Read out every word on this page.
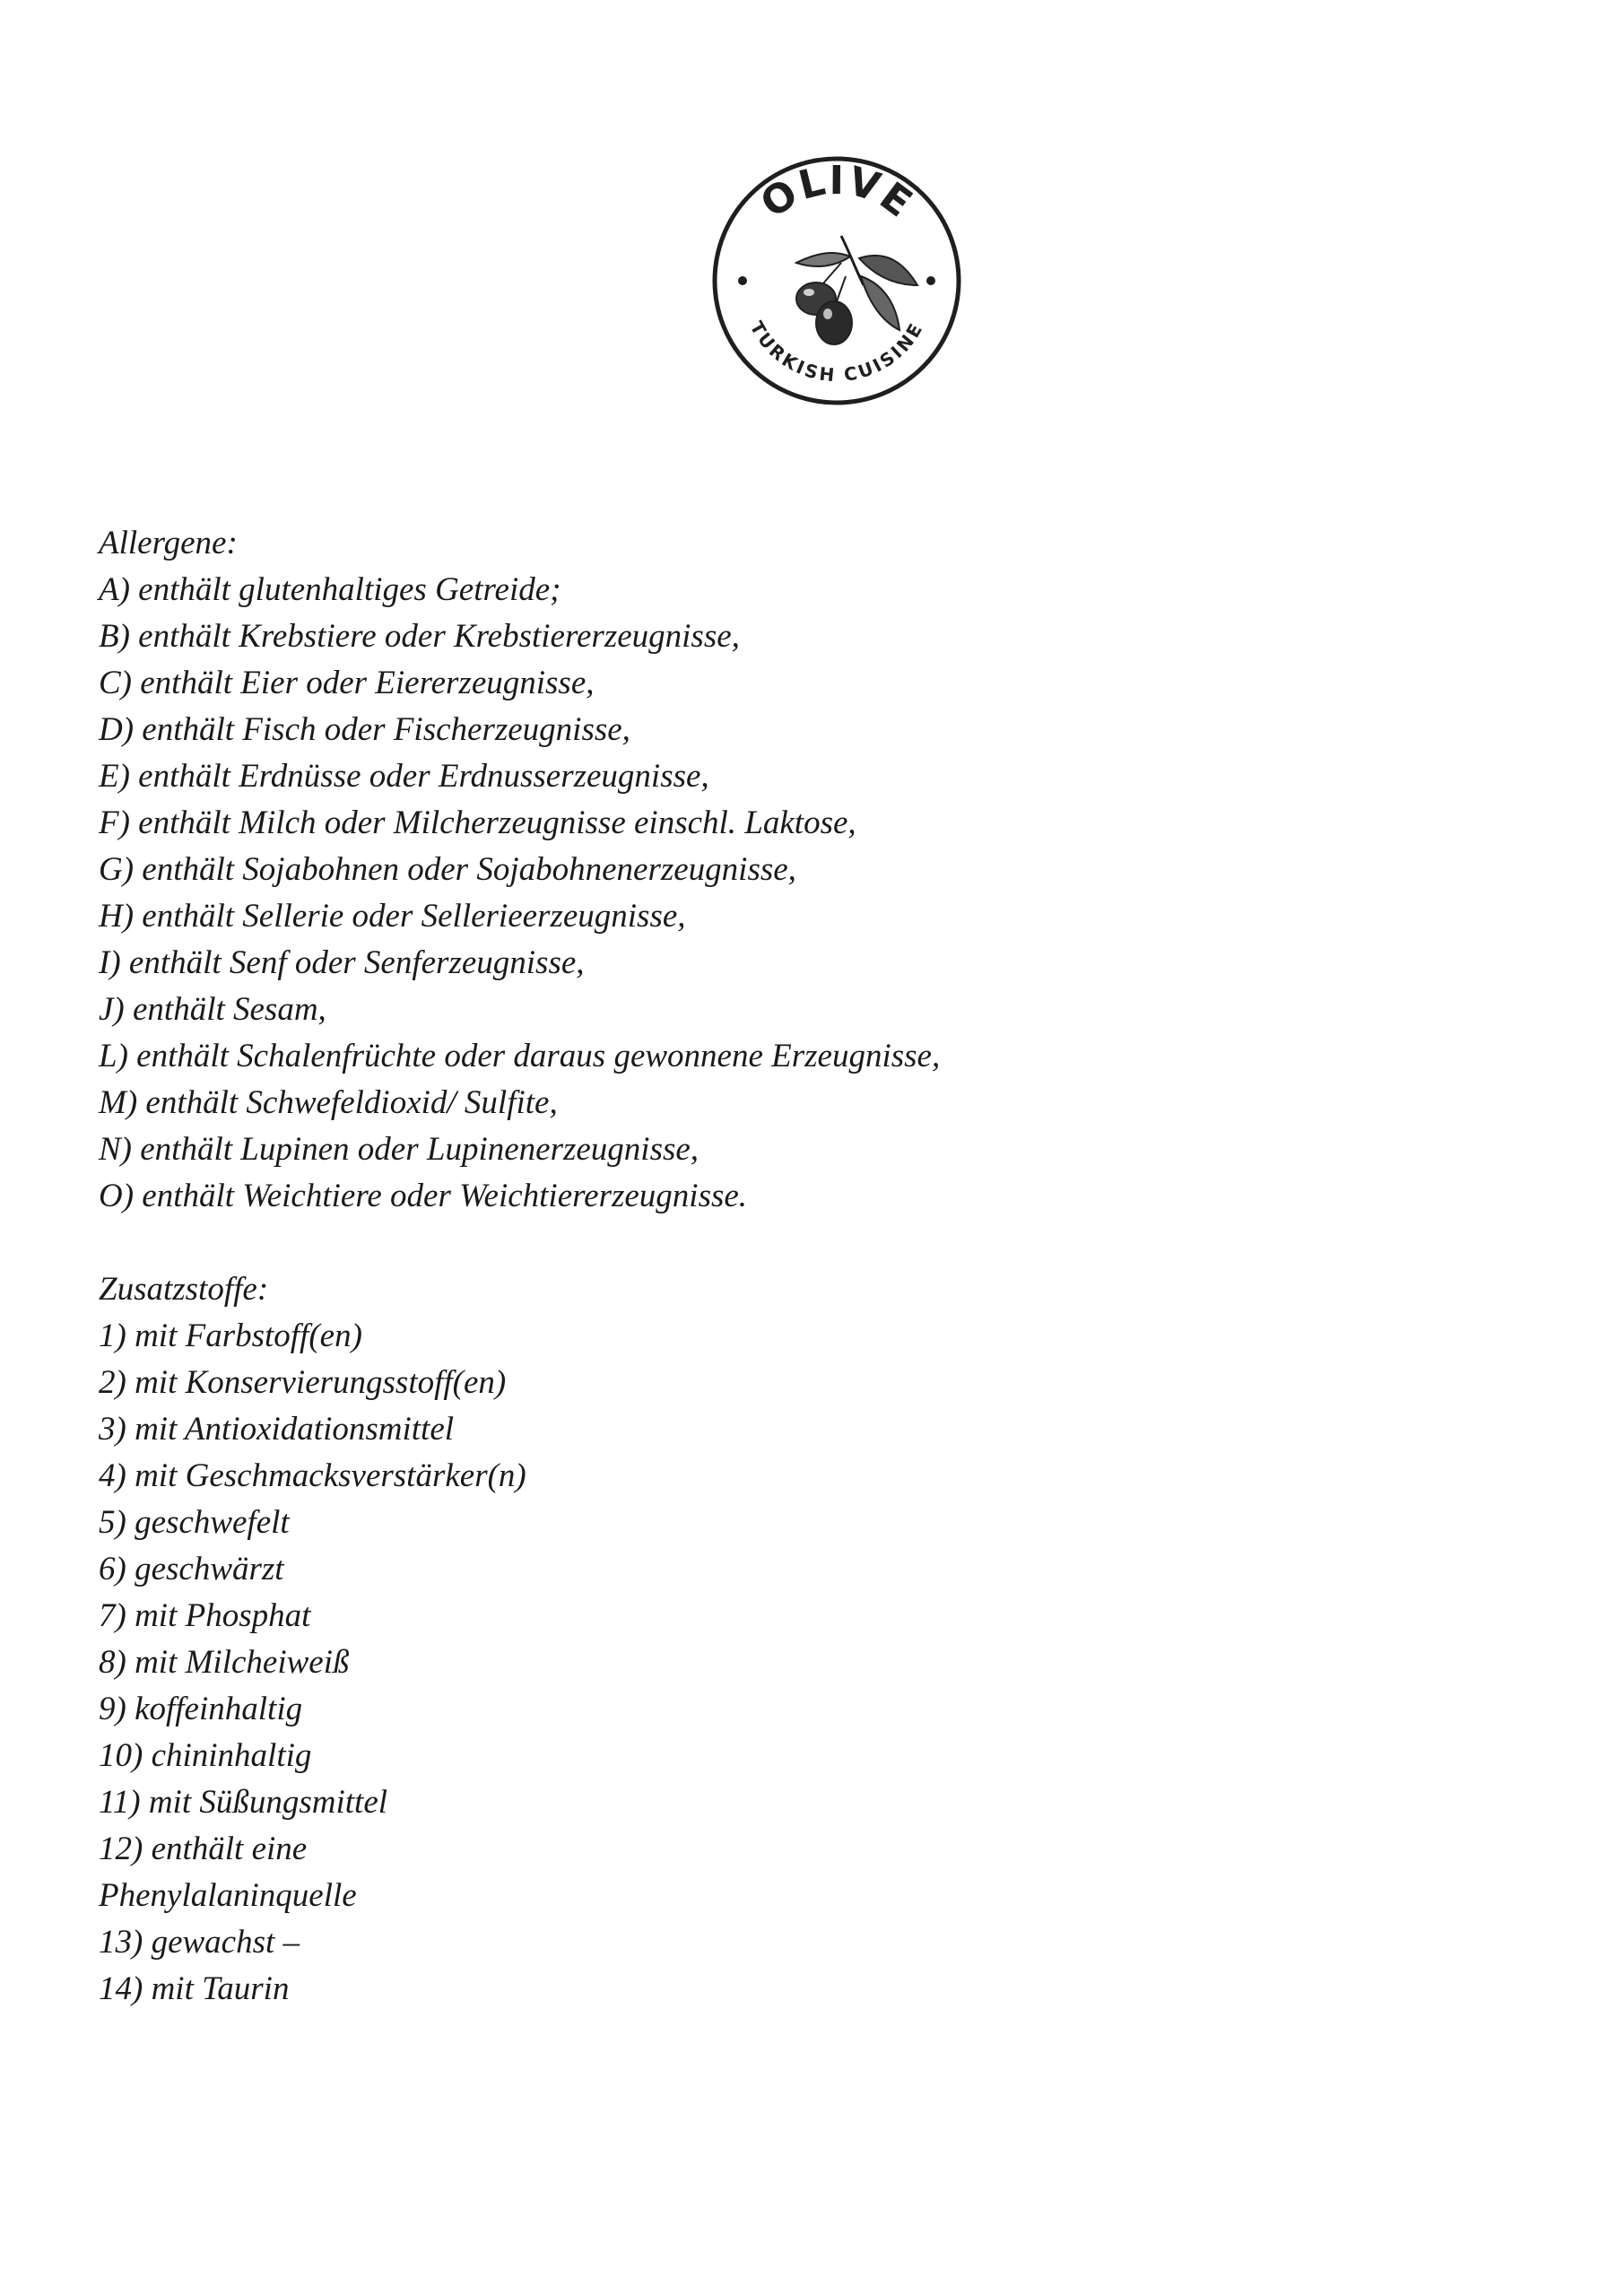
OLIVE
TURKISH CUISINE
Allergene:
A) enthält glutenhaltiges Getreide;
B) enthält Krebstiere oder Krebstiererzeugnisse,
C) enthält Eier oder Eiererzeugnisse,
D) enthält Fisch oder Fischerzeugnisse,
E) enthält Erdnüsse oder Erdnusserzeugnisse,
F) enthält Milch oder Milcherzeugnisse einschl. Laktose,
G) enthält Sojabohnen oder Sojabohnenerzeugnisse,
H) enthält Sellerie oder Sellerieerzeugnisse,
I) enthält Senf oder Senferzeugnisse,
J) enthält Sesam,
L) enthält Schalenfrüchte oder daraus gewonnene Erzeugnisse,
M) enthält Schwefeldioxid/ Sulfite,
N) enthält Lupinen oder Lupinenerzeugnisse,
O) enthält Weichtiere oder Weichtiererzeugnisse.
Zusatzstoffe:
1) mit Farbstoff(en)
2) mit Konservierungsstoff(en)
3) mit Antioxidationsmittel
4) mit Geschmacksverstärker(n)
5) geschwefelt
6) geschwärzt
7) mit Phosphat
8) mit Milcheiweiß
9) koffeinhaltig
10) chininhaltig
11) mit Süßungsmittel
12) enthält eine Phenylalaninquelle
13) gewachst –
14) mit Taurin
